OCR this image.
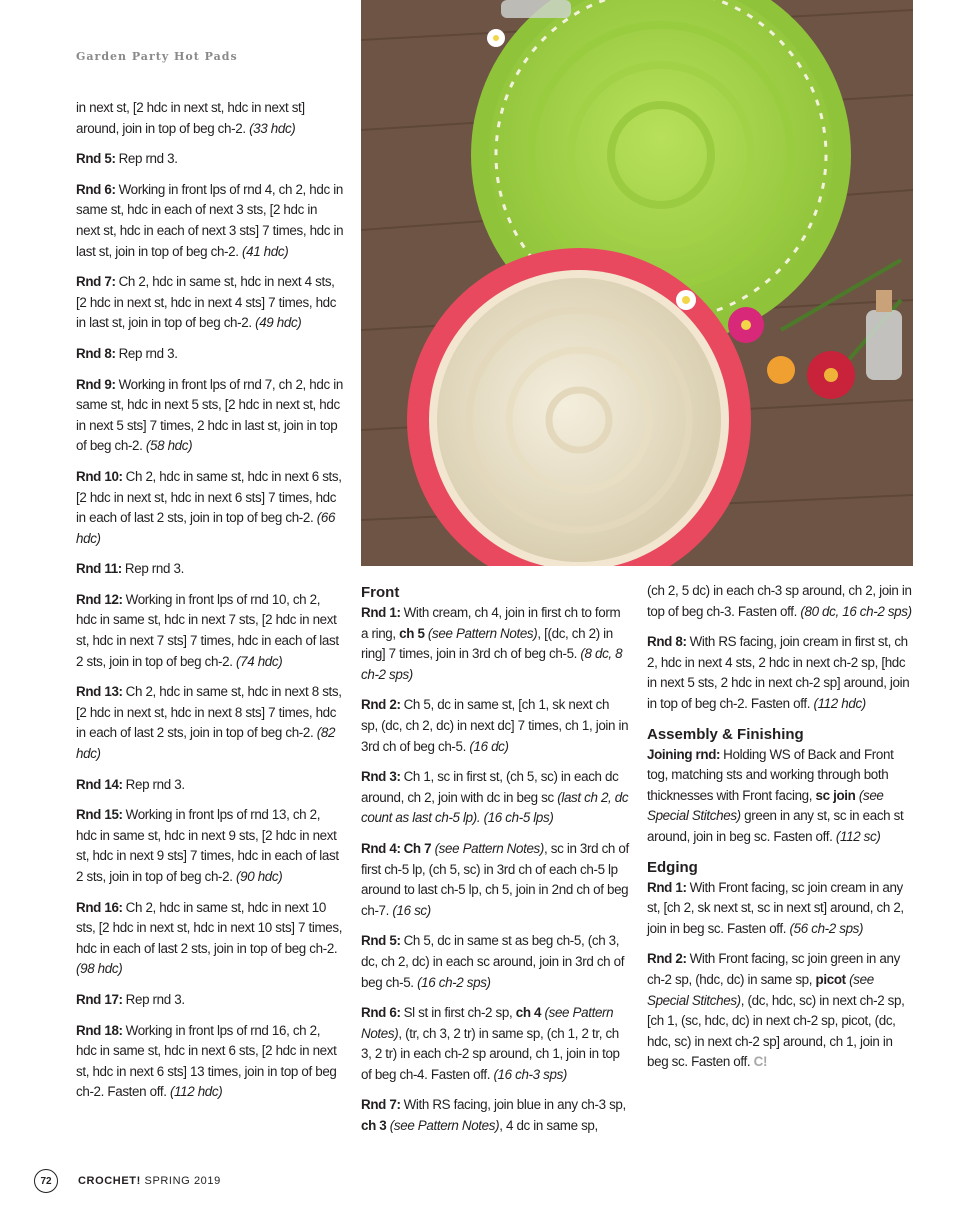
Garden Party Hot Pads

in next st, [2 hdc in next st, hdc in next st] around, join in top of beg ch-2. (33 hdc)

Rnd 5: Rep rnd 3.

Rnd 6: Working in front lps of rnd 4, ch 2, hdc in same st, hdc in each of next 3 sts, [2 hdc in next st, hdc in each of next 3 sts] 7 times, hdc in last st, join in top of beg ch-2. (41 hdc)

Rnd 7: Ch 2, hdc in same st, hdc in next 4 sts, [2 hdc in next st, hdc in next 4 sts] 7 times, hdc in last st, join in top of beg ch-2. (49 hdc)

Rnd 8: Rep rnd 3.

Rnd 9: Working in front lps of rnd 7, ch 2, hdc in same st, hdc in next 5 sts, [2 hdc in next st, hdc in next 5 sts] 7 times, 2 hdc in last st, join in top of beg ch-2. (58 hdc)

Rnd 10: Ch 2, hdc in same st, hdc in next 6 sts, [2 hdc in next st, hdc in next 6 sts] 7 times, hdc in each of last 2 sts, join in top of beg ch-2. (66 hdc)

Rnd 11: Rep rnd 3.

Rnd 12: Working in front lps of rnd 10, ch 2, hdc in same st, hdc in next 7 sts, [2 hdc in next st, hdc in next 7 sts] 7 times, hdc in each of last 2 sts, join in top of beg ch-2. (74 hdc)

Rnd 13: Ch 2, hdc in same st, hdc in next 8 sts, [2 hdc in next st, hdc in next 8 sts] 7 times, hdc in each of last 2 sts, join in top of beg ch-2. (82 hdc)

Rnd 14: Rep rnd 3.

Rnd 15: Working in front lps of rnd 13, ch 2, hdc in same st, hdc in next 9 sts, [2 hdc in next st, hdc in next 9 sts] 7 times, hdc in each of last 2 sts, join in top of beg ch-2. (90 hdc)

Rnd 16: Ch 2, hdc in same st, hdc in next 10 sts, [2 hdc in next st, hdc in next 10 sts] 7 times, hdc in each of last 2 sts, join in top of beg ch-2. (98 hdc)

Rnd 17: Rep rnd 3.

Rnd 18: Working in front lps of rnd 16, ch 2, hdc in same st, hdc in next 6 sts, [2 hdc in next st, hdc in next 6 sts] 13 times, join in top of beg ch-2. Fasten off. (112 hdc)

Front

Rnd 1: With cream, ch 4, join in first ch to form a ring, ch 5 (see Pattern Notes), [(dc, ch 2) in ring] 7 times, join in 3rd ch of beg ch-5. (8 dc, 8 ch-2 sps)

Rnd 2: Ch 5, dc in same st, [ch 1, sk next ch sp, (dc, ch 2, dc) in next dc] 7 times, ch 1, join in 3rd ch of beg ch-5. (16 dc)

Rnd 3: Ch 1, sc in first st, (ch 5, sc) in each dc around, ch 2, join with dc in beg sc (last ch 2, dc count as last ch-5 lp). (16 ch-5 lps)

Rnd 4: Ch 7 (see Pattern Notes), sc in 3rd ch of first ch-5 lp, (ch 5, sc) in 3rd ch of each ch-5 lp around to last ch-5 lp, ch 5, join in 2nd ch of beg ch-7. (16 sc)

Rnd 5: Ch 5, dc in same st as beg ch-5, (ch 3, dc, ch 2, dc) in each sc around, join in 3rd ch of beg ch-5. (16 ch-2 sps)

Rnd 6: Sl st in first ch-2 sp, ch 4 (see Pattern Notes), (tr, ch 3, 2 tr) in same sp, (ch 1, 2 tr, ch 3, 2 tr) in each ch-2 sp around, ch 1, join in top of beg ch-4. Fasten off. (16 ch-3 sps)

Rnd 7: With RS facing, join blue in any ch-3 sp, ch 3 (see Pattern Notes), 4 dc in same sp,

(ch 2, 5 dc) in each ch-3 sp around, ch 2, join in top of beg ch-3. Fasten off. (80 dc, 16 ch-2 sps)

Rnd 8: With RS facing, join cream in first st, ch 2, hdc in next 4 sts, 2 hdc in next ch-2 sp, [hdc in next 5 sts, 2 hdc in next ch-2 sp] around, join in top of beg ch-2. Fasten off. (112 hdc)

Assembly & Finishing

Joining rnd: Holding WS of Back and Front tog, matching sts and working through both thicknesses with Front facing, sc join (see Special Stitches) green in any st, sc in each st around, join in beg sc. Fasten off. (112 sc)

Edging

Rnd 1: With Front facing, sc join cream in any st, [ch 2, sk next st, sc in next st] around, ch 2, join in beg sc. Fasten off. (56 ch-2 sps)

Rnd 2: With Front facing, sc join green in any ch-2 sp, (hdc, dc) in same sp, picot (see Special Stitches), (dc, hdc, sc) in next ch-2 sp, [ch 1, (sc, hdc, dc) in next ch-2 sp, picot, (dc, hdc, sc) in next ch-2 sp] around, ch 1, join in beg sc. Fasten off. C!

72	CROCHET! SPRING 2019
